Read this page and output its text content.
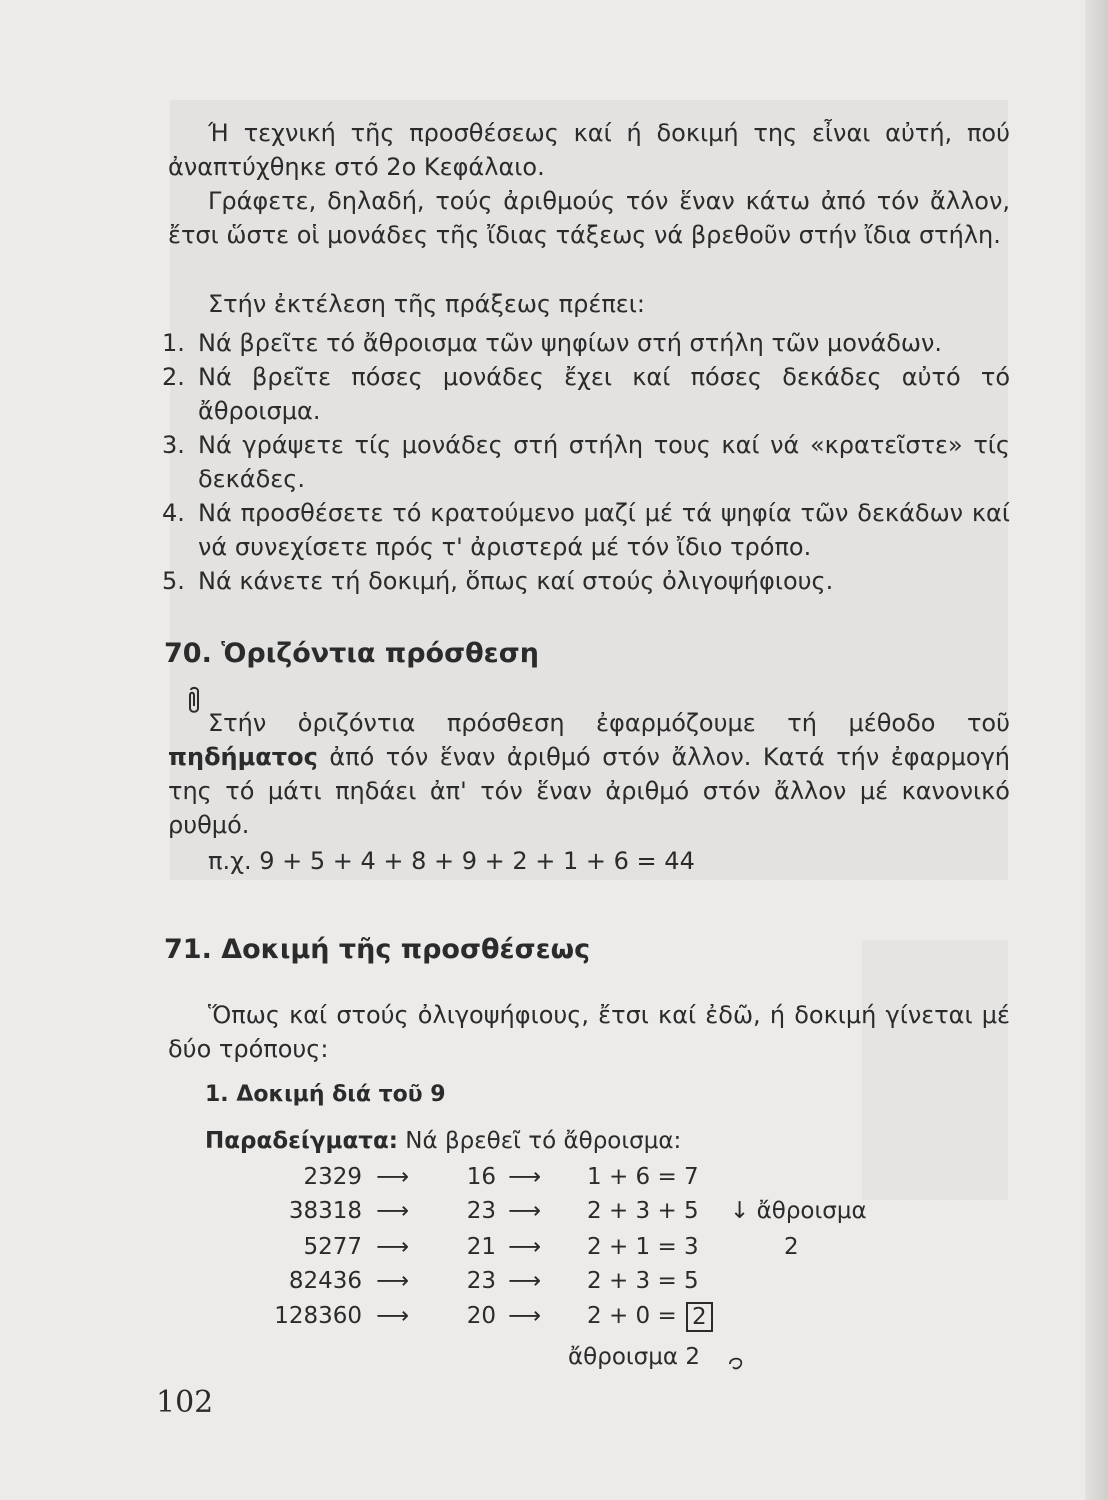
Ή τεχνική τῆς προσθέσεως καί ή δοκιμή της εἶναι αὐτή, πού ἀναπτύχθηκε στό 2ο Κεφάλαιο.

Γράφετε, δηλαδή, τούς ἀριθμούς τόν ἕναν κάτω ἀπό τόν ἄλλον, ἔτσι ὥστε οἱ μονάδες τῆς ἴδιας τάξεως νά βρεθοῦν στήν ἴδια στήλη.

Στήν ἐκτέλεση τῆς πράξεως πρέπει:

1. Νά βρεῖτε τό ἄθροισμα τῶν ψηφίων στή στήλη τῶν μονάδων.
2. Νά βρεῖτε πόσες μονάδες ἔχει καί πόσες δεκάδες αὐτό τό ἄθροισμα.
3. Νά γράψετε τίς μονάδες στή στήλη τους καί νά «κρατεῖστε» τίς δεκάδες.
4. Νά προσθέσετε τό κρατούμενο μαζί μέ τά ψηφία τῶν δεκάδων καί νά συνεχίσετε πρός τ' ἀριστερά μέ τόν ἴδιο τρόπο.
5. Νά κάνετε τή δοκιμή, ὅπως καί στούς ὀλιγοψήφιους.
70. Ὁριζόντια πρόσθεση

Στήν ὁριζόντια πρόσθεση ἐφαρμόζουμε τή μέθοδο τοῦ πηδήματος ἀπό τόν ἕναν ἀριθμό στόν ἄλλον. Κατά τήν ἐφαρμογή της τό μάτι πηδάει ἀπ' τόν ἕναν ἀριθμό στόν ἄλλον μέ κανονικό ρυθμό.

π.χ. 9 + 5 + 4 + 8 + 9 + 2 + 1 + 6 = 44

71. Δοκιμή τῆς προσθέσεως

Ὅπως καί στούς ὀλιγοψήφιους, ἔτσι καί ἐδῶ, ή δοκιμή γίνεται μέ δύο τρόπους:

1. Δοκιμή διά τοῦ 9

Παραδείγματα: Νά βρεθεῖ τό ἄθροισμα:

2329 ⟶	16 ⟶ 1 + 6 = 7
38318 ⟶	23 ⟶ 2 + 3 + 5 ↓ ἄθροισμα
5277 ⟶	21 ⟶ 2 + 1 = 3	2
82436 ⟶	23 ⟶ 2 + 3 = 5
128360 ⟶	20 ⟶ 2 + 0 = 2

ἄθροισμα 2

102
